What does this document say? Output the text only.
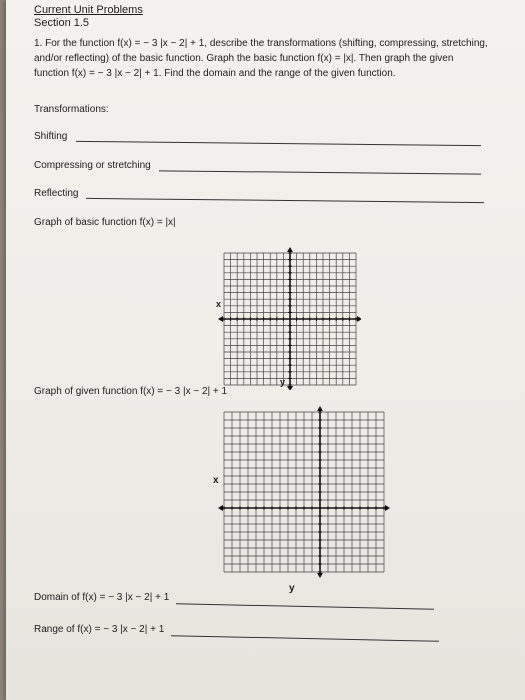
Current Unit Problems
Section 1.5
1. For the function f(x) = − 3 |x − 2| + 1, describe the transformations (shifting, compressing, stretching,
and/or reflecting) of the basic function. Graph the basic function f(x) = |x|. Then graph the given
function f(x) = − 3 |x − 2| + 1. Find the domain and the range of the given function.
Transformations:
Shifting
Compressing or stretching
Reflecting
Graph of basic function f(x) = |x|
x
y
Graph of given function f(x) = − 3 |x − 2| + 1
x
y
Domain of f(x) = − 3 |x − 2| + 1
Range of f(x) = − 3 |x − 2| + 1
